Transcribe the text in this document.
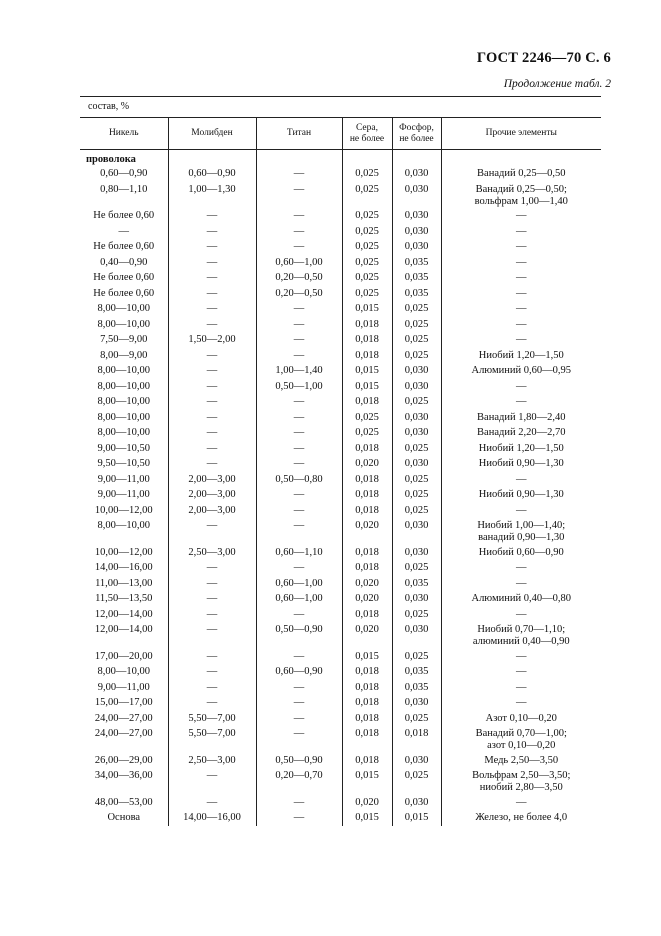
ГОСТ 2246—70 С. 6
Продолжение табл. 2
состав, %
Никель	Молибден	Титан	Сера,
не более	Фосфор,
не более	Прочие элементы
проволока					
0,60—0,90	0,60—0,90	—	0,025	0,030	Ванадий 0,25—0,50
0,80—1,10	1,00—1,30	—	0,025	0,030	Ванадий 0,25—0,50;
вольфрам 1,00—1,40
Не более 0,60	—	—	0,025	0,030	—
—	—	—	0,025	0,030	—
Не более 0,60	—	—	0,025	0,030	—
0,40—0,90	—	0,60—1,00	0,025	0,035	—
Не более 0,60	—	0,20—0,50	0,025	0,035	—
Не более 0,60	—	0,20—0,50	0,025	0,035	—
8,00—10,00	—	—	0,015	0,025	—
8,00—10,00	—	—	0,018	0,025	—
7,50—9,00	1,50—2,00	—	0,018	0,025	—
8,00—9,00	—	—	0,018	0,025	Ниобий 1,20—1,50
8,00—10,00	—	1,00—1,40	0,015	0,030	Алюминий 0,60—0,95
8,00—10,00	—	0,50—1,00	0,015	0,030	—
8,00—10,00	—	—	0,018	0,025	—
8,00—10,00	—	—	0,025	0,030	Ванадий 1,80—2,40
8,00—10,00	—	—	0,025	0,030	Ванадий 2,20—2,70
9,00—10,50	—	—	0,018	0,025	Ниобий 1,20—1,50
9,50—10,50	—	—	0,020	0,030	Ниобий 0,90—1,30
9,00—11,00	2,00—3,00	0,50—0,80	0,018	0,025	—
9,00—11,00	2,00—3,00	—	0,018	0,025	Ниобий 0,90—1,30
10,00—12,00	2,00—3,00	—	0,018	0,025	—
8,00—10,00	—	—	0,020	0,030	Ниобий 1,00—1,40;
ванадий 0,90—1,30
10,00—12,00	2,50—3,00	0,60—1,10	0,018	0,030	Ниобий 0,60—0,90
14,00—16,00	—	—	0,018	0,025	—
11,00—13,00	—	0,60—1,00	0,020	0,035	—
11,50—13,50	—	0,60—1,00	0,020	0,030	Алюминий 0,40—0,80
12,00—14,00	—	—	0,018	0,025	—
12,00—14,00	—	0,50—0,90	0,020	0,030	Ниобий 0,70—1,10;
алюминий 0,40—0,90
17,00—20,00	—	—	0,015	0,025	—
8,00—10,00	—	0,60—0,90	0,018	0,035	—
9,00—11,00	—	—	0,018	0,035	—
15,00—17,00	—	—	0,018	0,030	—
24,00—27,00	5,50—7,00	—	0,018	0,025	Азот 0,10—0,20
24,00—27,00	5,50—7,00	—	0,018	0,018	Ванадий 0,70—1,00;
азот 0,10—0,20
26,00—29,00	2,50—3,00	0,50—0,90	0,018	0,030	Медь 2,50—3,50
34,00—36,00	—	0,20—0,70	0,015	0,025	Вольфрам 2,50—3,50;
ниобий 2,80—3,50
48,00—53,00	—	—	0,020	0,030	—
Оснoва	14,00—16,00	—	0,015	0,015	Железо, не более 4,0
